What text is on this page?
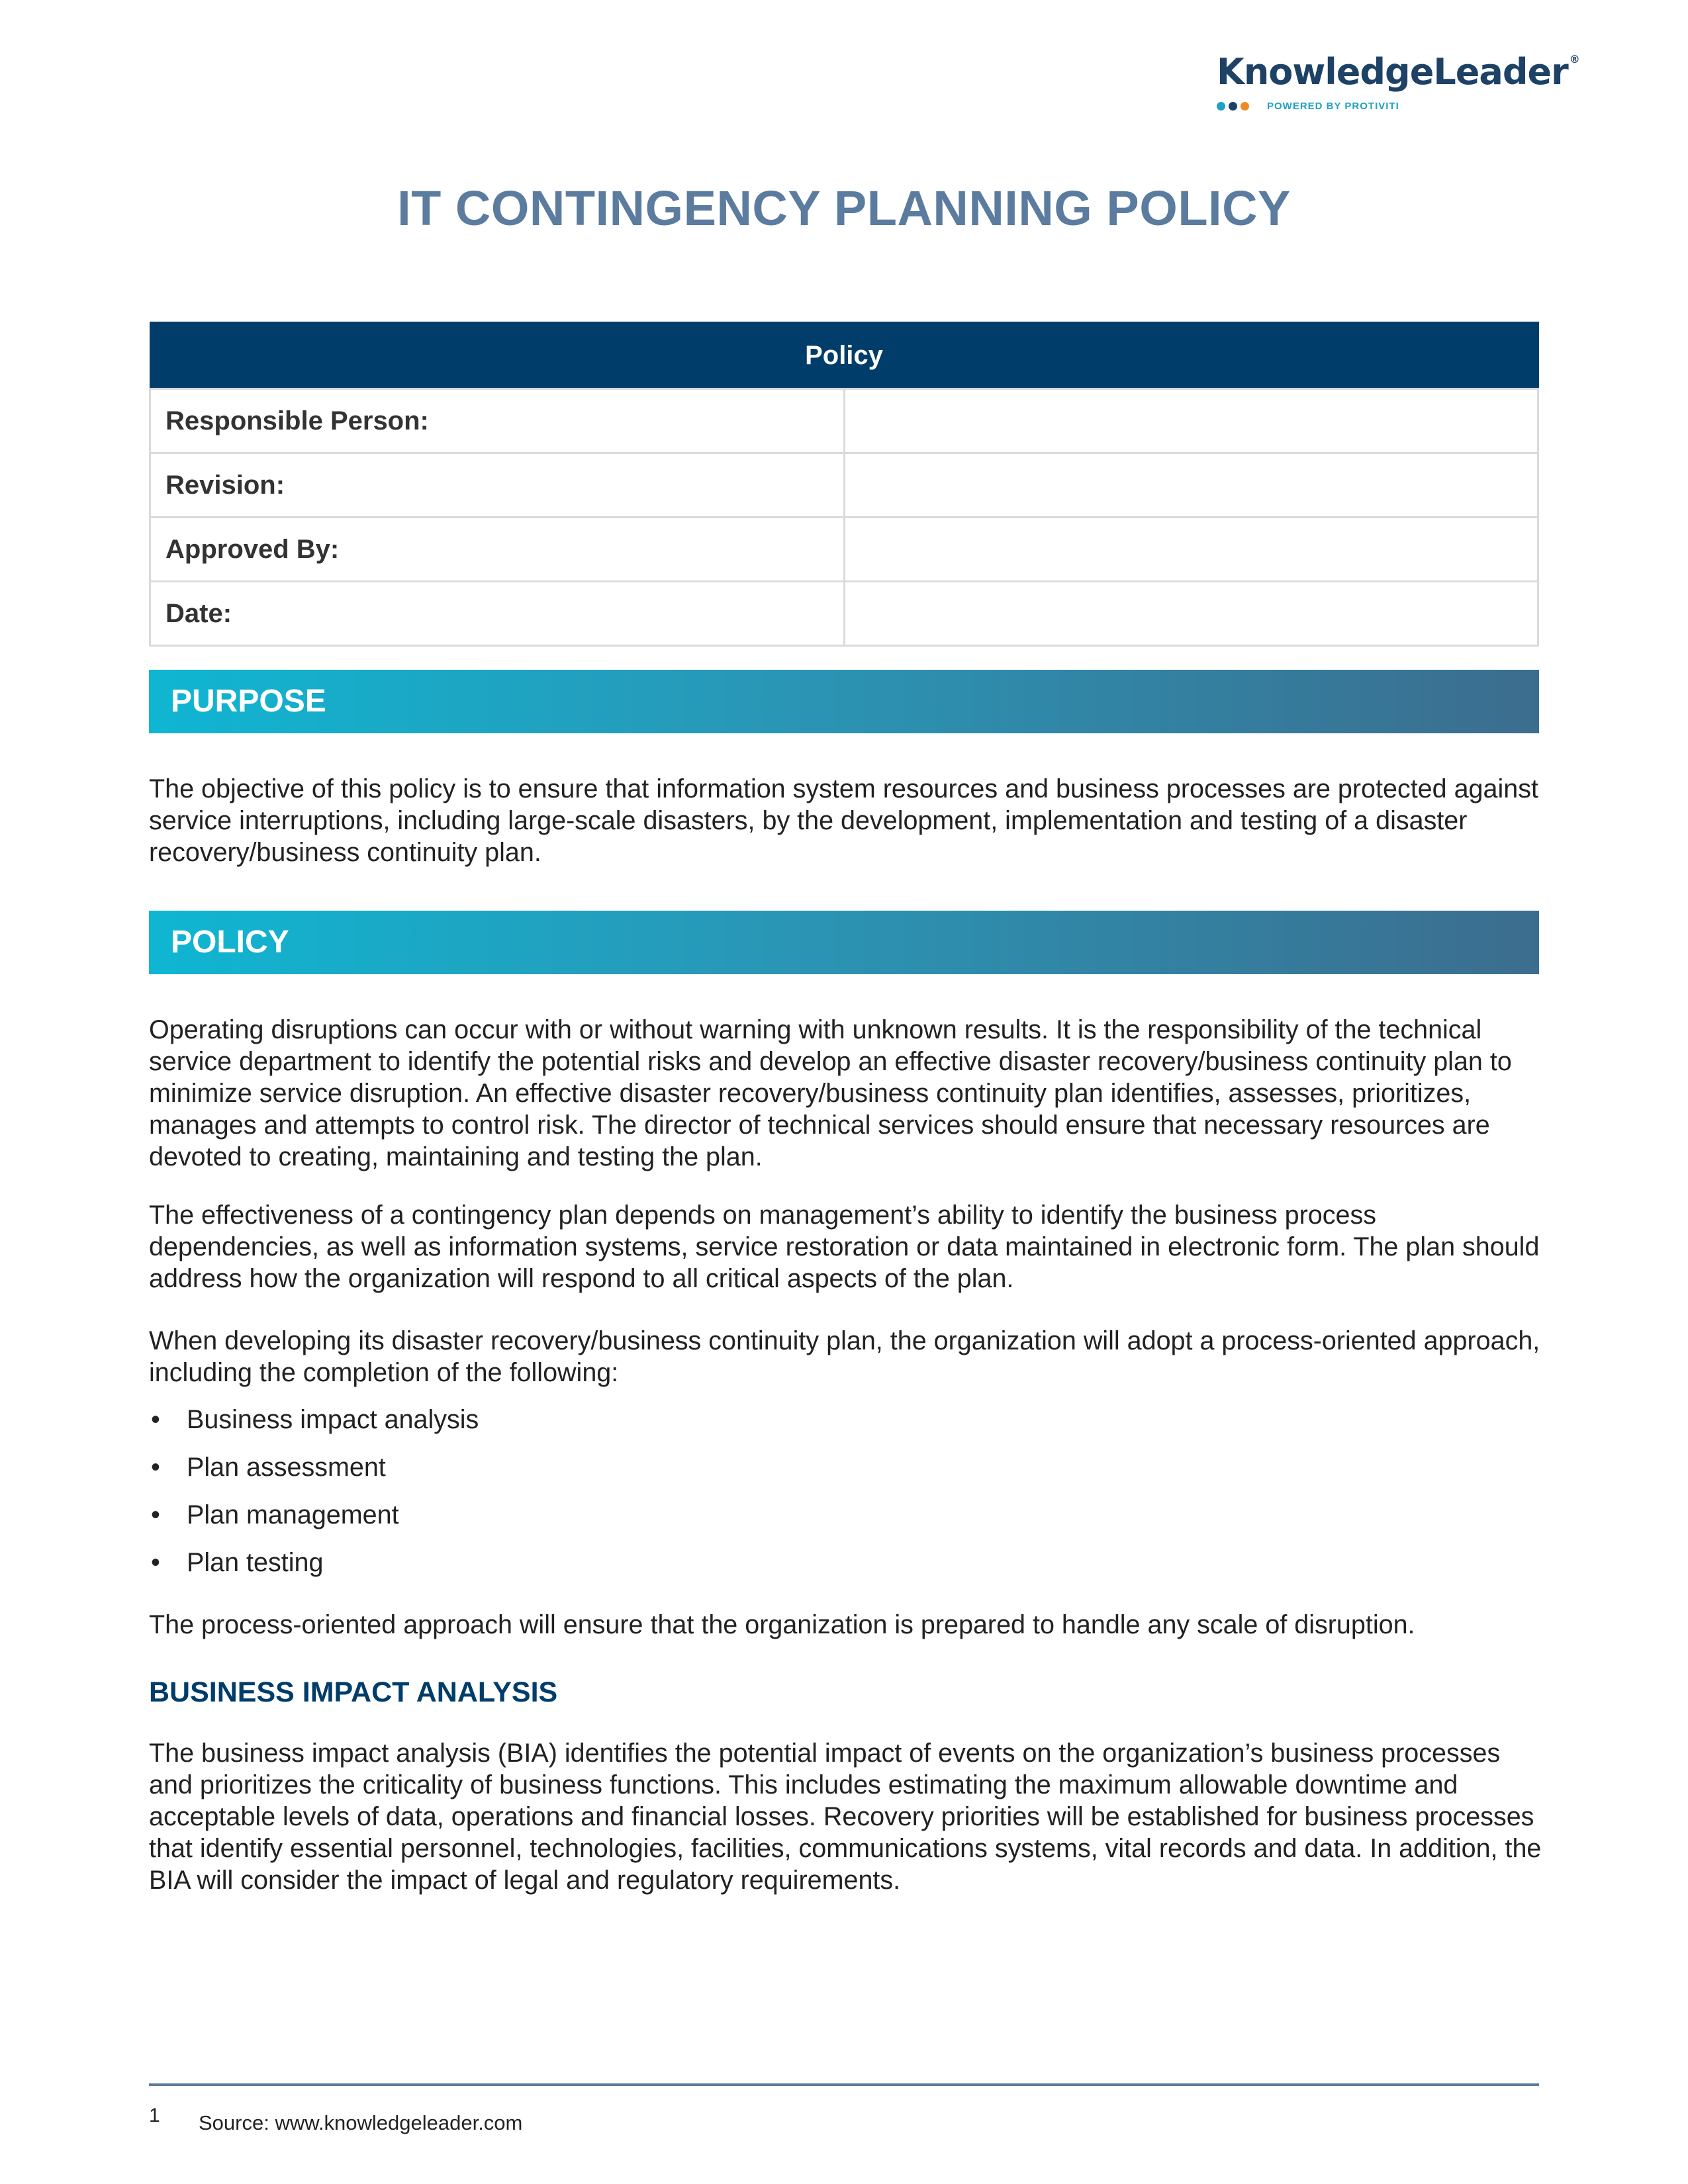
KnowledgeLeader ®
POWERED BY PROTIVITI
IT CONTINGENCY PLANNING POLICY
Policy	
Responsible Person:	
Revision:	
Approved By:	
Date:	
PURPOSE

The objective of this policy is to ensure that information system resources and business processes are protected against service interruptions, including large-scale disasters, by the development, implementation and testing of a disaster recovery/business continuity plan.

POLICY

Operating disruptions can occur with or without warning with unknown results. It is the responsibility of the technical service department to identify the potential risks and develop an effective disaster recovery/business continuity plan to minimize service disruption. An effective disaster recovery/business continuity plan identifies, assesses, prioritizes, manages and attempts to control risk. The director of technical services should ensure that necessary resources are devoted to creating, maintaining and testing the plan.

The effectiveness of a contingency plan depends on management’s ability to identify the business process dependencies, as well as information systems, service restoration or data maintained in electronic form. The plan should address how the organization will respond to all critical aspects of the plan.

When developing its disaster recovery/business continuity plan, the organization will adopt a process-oriented approach, including the completion of the following:

• Business impact analysis
• Plan assessment
• Plan management
• Plan testing

The process-oriented approach will ensure that the organization is prepared to handle any scale of disruption.

BUSINESS IMPACT ANALYSIS

The business impact analysis (BIA) identifies the potential impact of events on the organization’s business processes and prioritizes the criticality of business functions. This includes estimating the maximum allowable downtime and acceptable levels of data, operations and financial losses. Recovery priorities will be established for business processes that identify essential personnel, technologies, facilities, communications systems, vital records and data. In addition, the BIA will consider the impact of legal and regulatory requirements.

1 Source: www.knowledgeleader.com
